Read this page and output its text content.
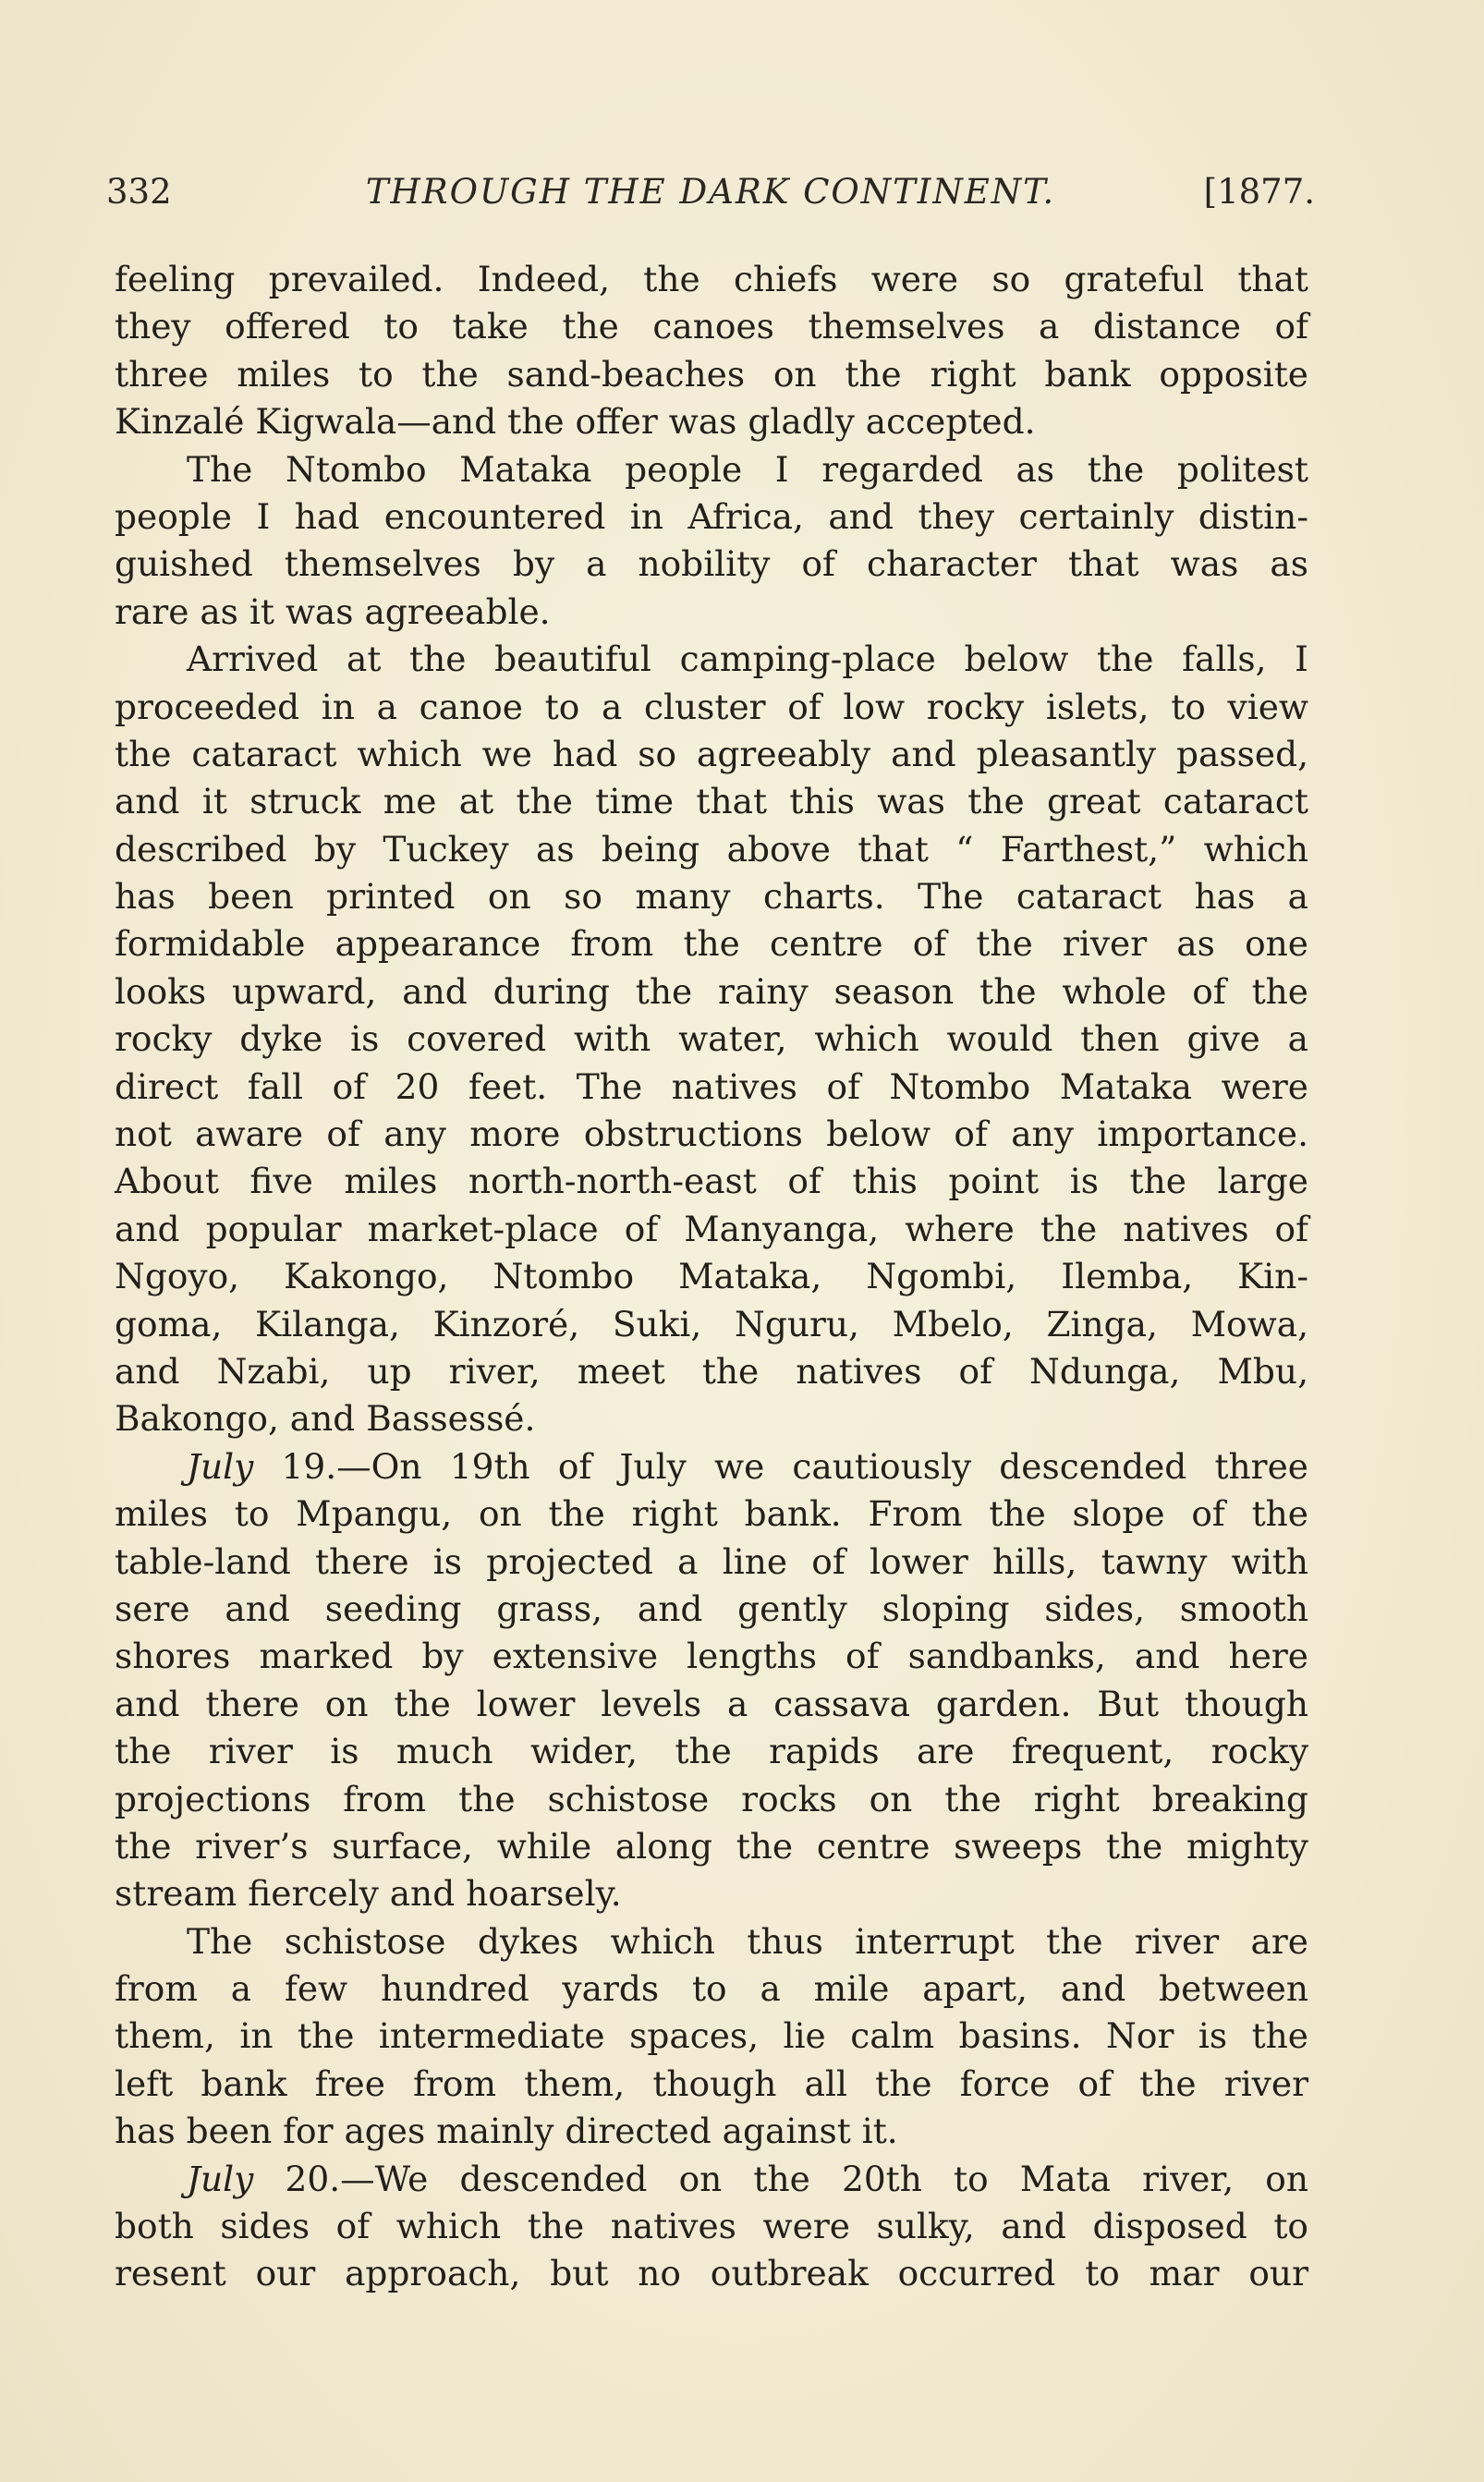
332	THROUGH THE DARK CONTINENT.	[1877.
feeling prevailed. Indeed, the chiefs were so grateful that
they offered to take the canoes themselves a distance of
three miles to the sand-beaches on the right bank opposite
Kinzalé Kigwala—and the offer was gladly accepted.
The Ntombo Mataka people I regarded as the politest
people I had encountered in Africa, and they certainly distin-
guished themselves by a nobility of character that was as
rare as it was agreeable.
Arrived at the beautiful camping-place below the falls, I
proceeded in a canoe to a cluster of low rocky islets, to view
the cataract which we had so agreeably and pleasantly passed,
and it struck me at the time that this was the great cataract
described by Tuckey as being above that “ Farthest,” which
has been printed on so many charts. The cataract has a
formidable appearance from the centre of the river as one
looks upward, and during the rainy season the whole of the
rocky dyke is covered with water, which would then give a
direct fall of 20 feet. The natives of Ntombo Mataka were
not aware of any more obstructions below of any importance.
About five miles north-north-east of this point is the large
and popular market-place of Manyanga, where the natives of
Ngoyo, Kakongo, Ntombo Mataka, Ngombi, Ilemba, Kin-
goma, Kilanga, Kinzoré, Suki, Nguru, Mbelo, Zinga, Mowa,
and Nzabi, up river, meet the natives of Ndunga, Mbu,
Bakongo, and Bassessé.
July 19.—On 19th of July we cautiously descended three
miles to Mpangu, on the right bank. From the slope of the
table-land there is projected a line of lower hills, tawny with
sere and seeding grass, and gently sloping sides, smooth
shores marked by extensive lengths of sandbanks, and here
and there on the lower levels a cassava garden. But though
the river is much wider, the rapids are frequent, rocky
projections from the schistose rocks on the right breaking
the river’s surface, while along the centre sweeps the mighty
stream fiercely and hoarsely.
The schistose dykes which thus interrupt the river are
from a few hundred yards to a mile apart, and between
them, in the intermediate spaces, lie calm basins. Nor is the
left bank free from them, though all the force of the river
has been for ages mainly directed against it.
July 20.—We descended on the 20th to Mata river, on
both sides of which the natives were sulky, and disposed to
resent our approach, but no outbreak occurred to mar our
